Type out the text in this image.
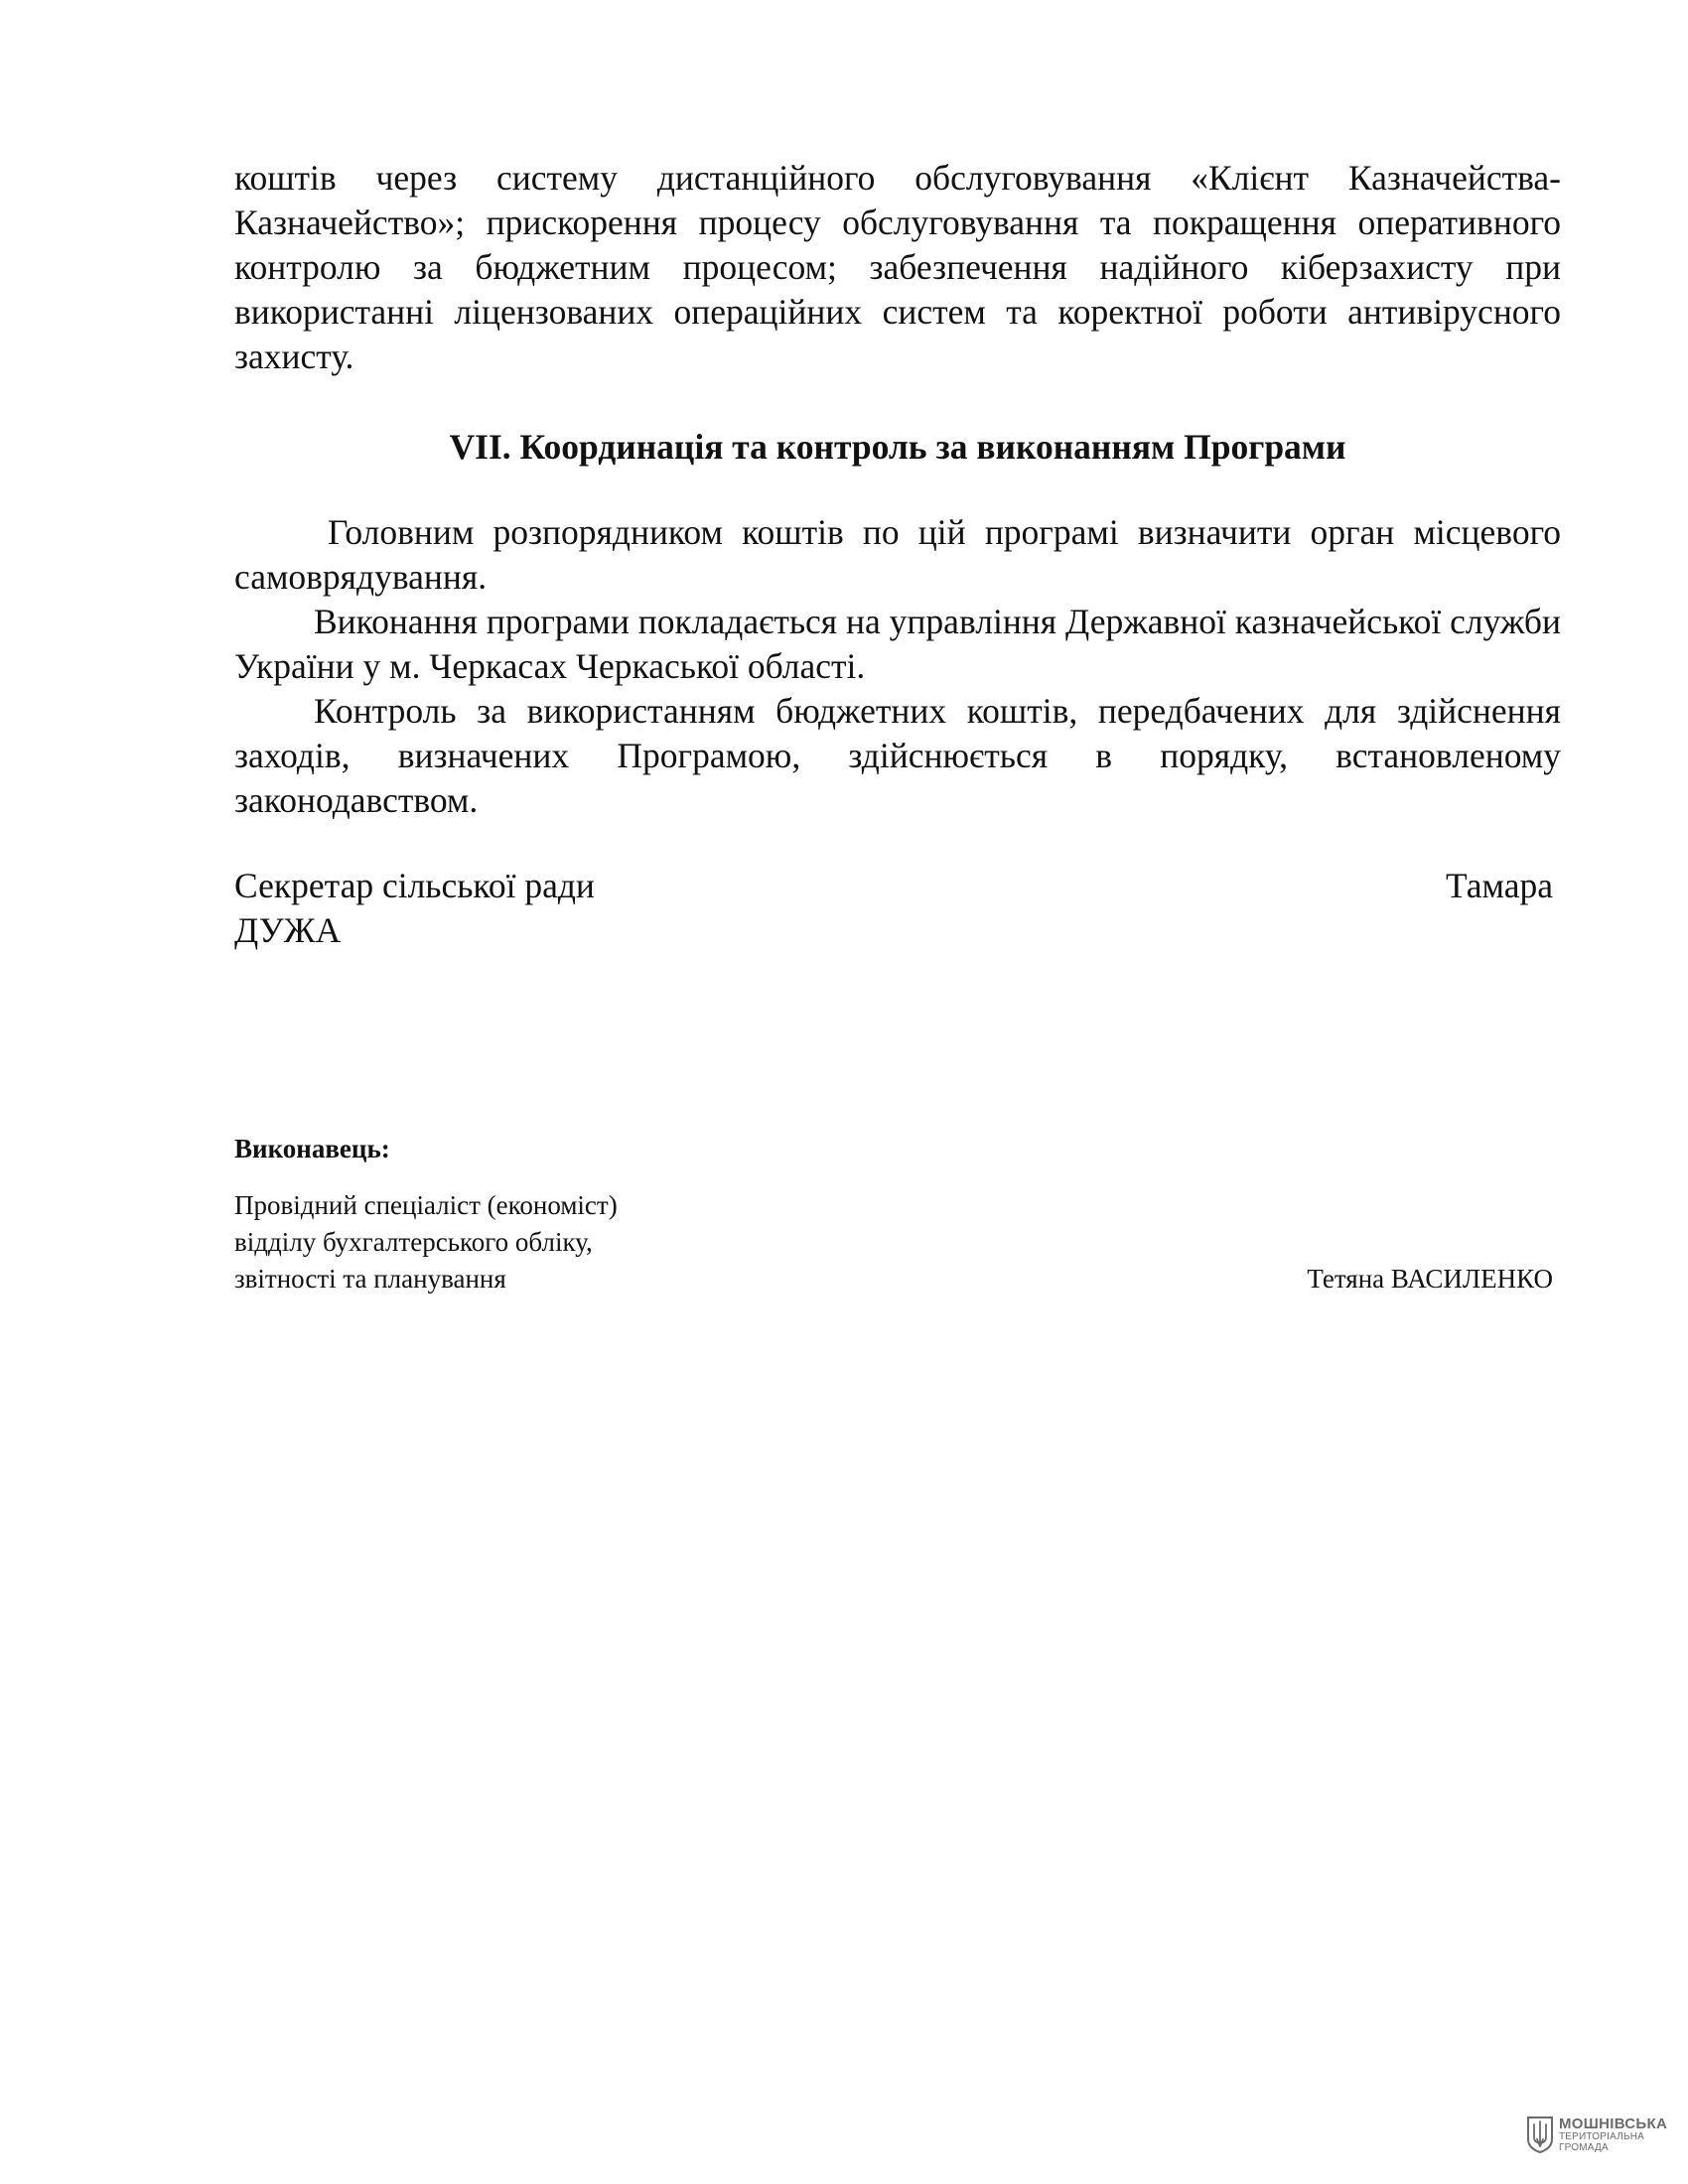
коштів через систему дистанційного обслуговування «Клієнт Казначейства-Казначейство»; прискорення процесу обслуговування та покращення оперативного контролю за бюджетним процесом; забезпечення надійного кіберзахисту при використанні ліцензованих операційних систем та коректної роботи антивірусного захисту.

VII. Координація та контроль за виконанням Програми

Головним розпорядником коштів по цій програмі визначити орган місцевого самоврядування.

Виконання програми покладається на управління Державної казначейської служби України у м. Черкасах Черкаської області.

Контроль за використанням бюджетних коштів, передбачених для здійснення заходів, визначених Програмою, здійснюється в порядку, встановленому законодавством.

Секретар сільської ради	Тамара
ДУЖА
Виконавець:
Провідний спеціаліст (економіст)
відділу бухгалтерського обліку,
звітності та планування	Тетяна ВАСИЛЕНКО
МОШНІВСЬКА
ТЕРИТОРІАЛЬНА
ГРОМАДА
